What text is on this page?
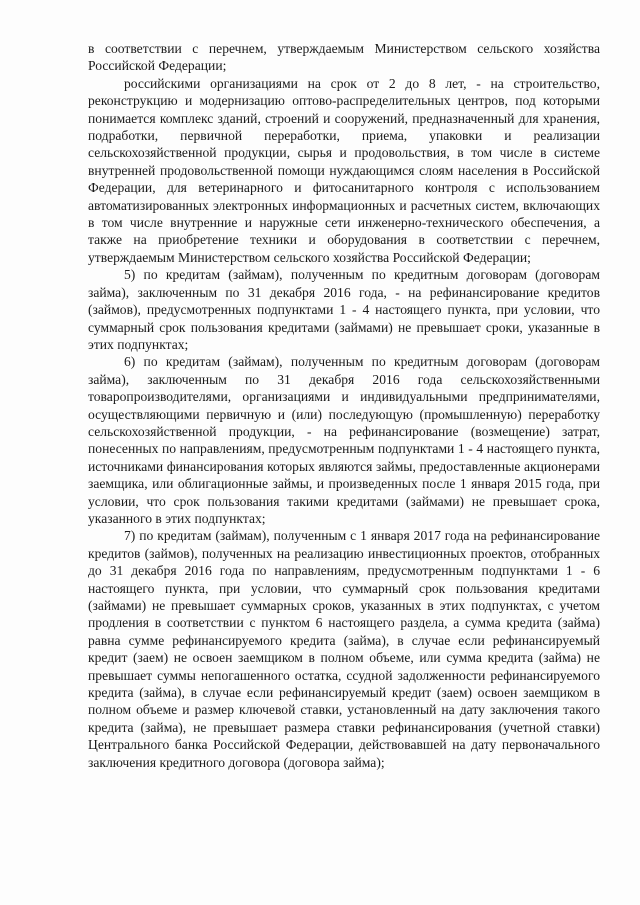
в соответствии с перечнем, утверждаемым Министерством сельского хозяйства Российской Федерации;

российскими организациями на срок от 2 до 8 лет, - на строительство, реконструкцию и модернизацию оптово-распределительных центров, под которыми понимается комплекс зданий, строений и сооружений, предназначенный для хранения, подработки, первичной переработки, приема, упаковки и реализации сельскохозяйственной продукции, сырья и продовольствия, в том числе в системе внутренней продовольственной помощи нуждающимся слоям населения в Российской Федерации, для ветеринарного и фитосанитарного контроля с использованием автоматизированных электронных информационных и расчетных систем, включающих в том числе внутренние и наружные сети инженерно-технического обеспечения, а также на приобретение техники и оборудования в соответствии с перечнем, утверждаемым Министерством сельского хозяйства Российской Федерации;

5) по кредитам (займам), полученным по кредитным договорам (договорам займа), заключенным по 31 декабря 2016 года, - на рефинансирование кредитов (займов), предусмотренных подпунктами 1 - 4 настоящего пункта, при условии, что суммарный срок пользования кредитами (займами) не превышает сроки, указанные в этих подпунктах;

6) по кредитам (займам), полученным по кредитным договорам (договорам займа), заключенным по 31 декабря 2016 года сельскохозяйственными товаропроизводителями, организациями и индивидуальными предпринимателями, осуществляющими первичную и (или) последующую (промышленную) переработку сельскохозяйственной продукции, - на рефинансирование (возмещение) затрат, понесенных по направлениям, предусмотренным подпунктами 1 - 4 настоящего пункта, источниками финансирования которых являются займы, предоставленные акционерами заемщика, или облигационные займы, и произведенных после 1 января 2015 года, при условии, что срок пользования такими кредитами (займами) не превышает срока, указанного в этих подпунктах;

7) по кредитам (займам), полученным с 1 января 2017 года на рефинансирование кредитов (займов), полученных на реализацию инвестиционных проектов, отобранных до 31 декабря 2016 года по направлениям, предусмотренным подпунктами 1 - 6 настоящего пункта, при условии, что суммарный срок пользования кредитами (займами) не превышает суммарных сроков, указанных в этих подпунктах, с учетом продления в соответствии с пунктом 6 настоящего раздела, а сумма кредита (займа) равна сумме рефинансируемого кредита (займа), в случае если рефинансируемый кредит (заем) не освоен заемщиком в полном объеме, или сумма кредита (займа) не превышает суммы непогашенного остатка, ссудной задолженности рефинансируемого кредита (займа), в случае если рефинансируемый кредит (заем) освоен заемщиком в полном объеме и размер ключевой ставки, установленный на дату заключения такого кредита (займа), не превышает размера ставки рефинансирования (учетной ставки) Центрального банка Российской Федерации, действовавшей на дату первоначального заключения кредитного договора (договора займа);
